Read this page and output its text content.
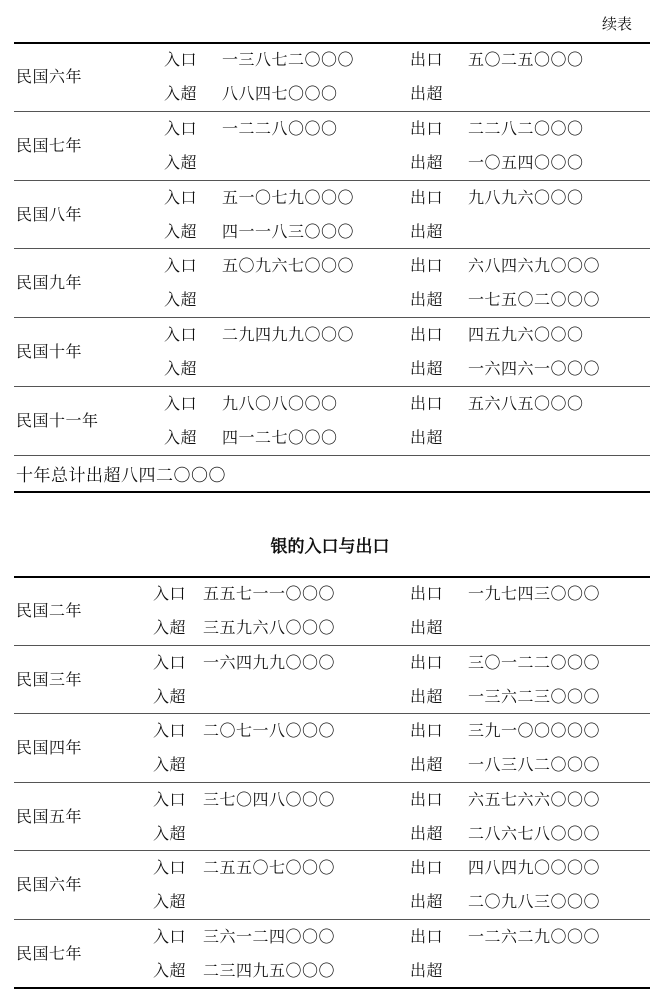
续表
民国六年
入口 一三八七二〇〇〇	出口 五〇二五〇〇〇
入超 八八四七〇〇〇	出超
民国七年
入口 一二二八〇〇〇	出口 二二八二〇〇〇
入超	出超 一〇五四〇〇〇
民国八年
入口 五一〇七九〇〇〇	出口 九八九六〇〇〇
入超 四一一八三〇〇〇	出超
民国九年
入口 五〇九六七〇〇〇	出口 六八四六九〇〇〇
入超	出超 一七五〇二〇〇〇
民国十年
入口 二九四九九〇〇〇	出口 四五九六〇〇〇
入超	出超 一六四六一〇〇〇
民国十一年
入口 九八〇八〇〇〇	出口 五六八五〇〇〇
入超 四一二七〇〇〇	出超
十年总计出超八四二〇〇〇
银的入口与出口
民国二年
入口 五五七一一〇〇〇	出口 一九七四三〇〇〇
入超 三五九六八〇〇〇	出超
民国三年
入口 一六四九九〇〇〇	出口 三〇一二二〇〇〇
入超	出超 一三六二三〇〇〇
民国四年
入口 二〇七一八〇〇〇	出口 三九一〇〇〇〇〇
入超	出超 一八三八二〇〇〇
民国五年
入口 三七〇四八〇〇〇	出口 六五七六六〇〇〇
入超	出超 二八六七八〇〇〇
民国六年
入口 二五五〇七〇〇〇	出口 四八四九〇〇〇〇
入超	出超 二〇九八三〇〇〇
民国七年
入口 三六一二四〇〇〇	出口 一二六二九〇〇〇
入超 二三四九五〇〇〇	出超
